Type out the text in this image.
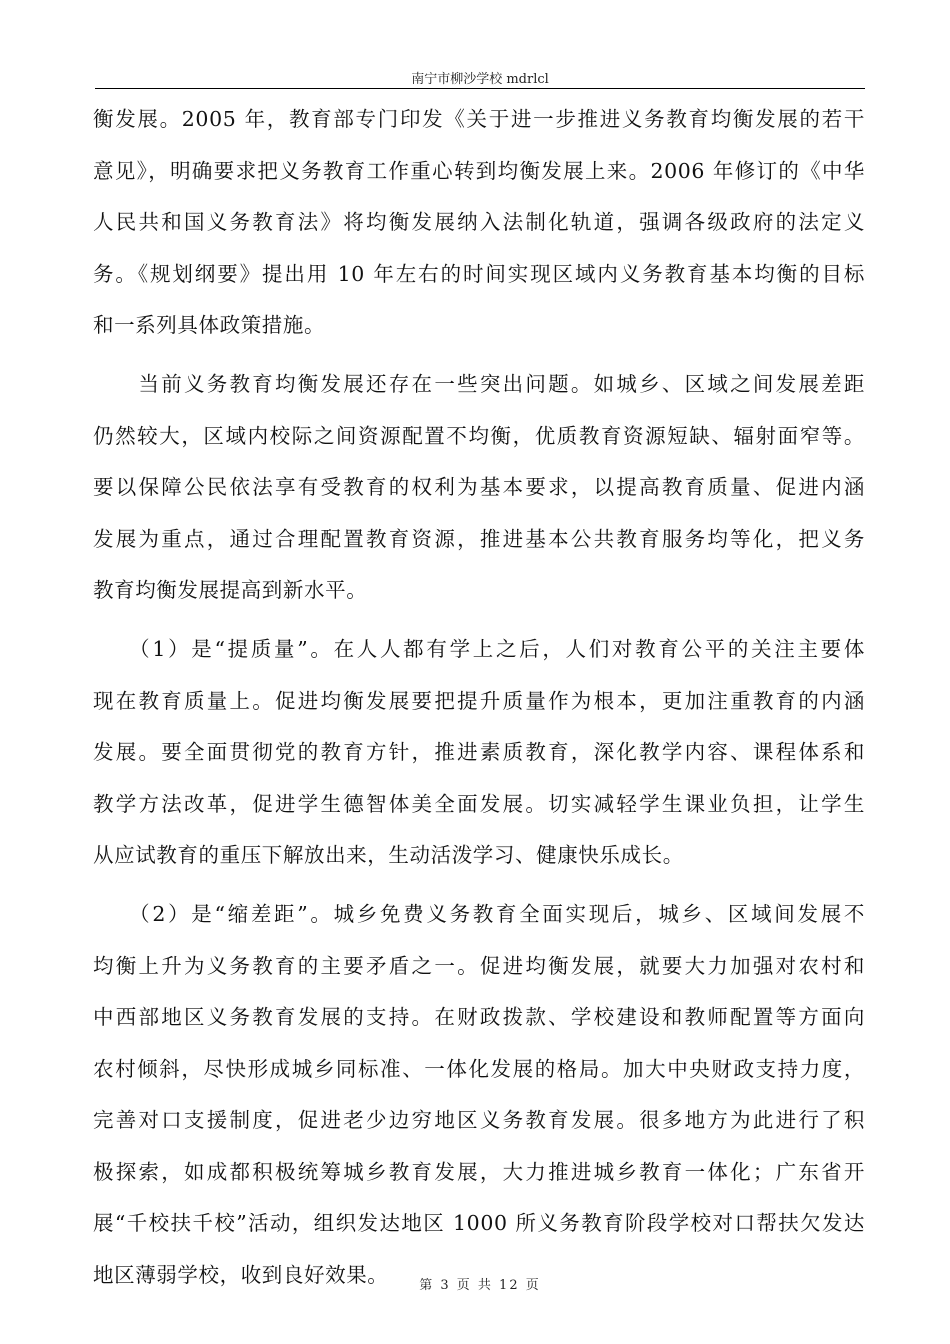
南宁市柳沙学校 mdrlcl
衡发展。2005 年，教育部专门印发《关于进一步推进义务教育均衡发展的若干
意见》，明确要求把义务教育工作重心转到均衡发展上来。2006 年修订的《中华
人民共和国义务教育法》将均衡发展纳入法制化轨道，强调各级政府的法定义
务。《规划纲要》提出用 10 年左右的时间实现区域内义务教育基本均衡的目标
和一系列具体政策措施。
　　当前义务教育均衡发展还存在一些突出问题。如城乡、区域之间发展差距
仍然较大，区域内校际之间资源配置不均衡，优质教育资源短缺、辐射面窄等。
要以保障公民依法享有受教育的权利为基本要求，以提高教育质量、促进内涵
发展为重点，通过合理配置教育资源，推进基本公共教育服务均等化，把义务
教育均衡发展提高到新水平。
　　（1）是“提质量”。在人人都有学上之后，人们对教育公平的关注主要体
现在教育质量上。促进均衡发展要把提升质量作为根本，更加注重教育的内涵
发展。要全面贯彻党的教育方针，推进素质教育，深化教学内容、课程体系和
教学方法改革，促进学生德智体美全面发展。切实减轻学生课业负担，让学生
从应试教育的重压下解放出来，生动活泼学习、健康快乐成长。
　　（2）是“缩差距”。城乡免费义务教育全面实现后，城乡、区域间发展不
均衡上升为义务教育的主要矛盾之一。促进均衡发展，就要大力加强对农村和
中西部地区义务教育发展的支持。在财政拨款、学校建设和教师配置等方面向
农村倾斜，尽快形成城乡同标准、一体化发展的格局。加大中央财政支持力度，
完善对口支援制度，促进老少边穷地区义务教育发展。很多地方为此进行了积
极探索，如成都积极统筹城乡教育发展，大力推进城乡教育一体化；广东省开
展“千校扶千校”活动，组织发达地区 1000 所义务教育阶段学校对口帮扶欠发达
地区薄弱学校，收到良好效果。	第 3 页 共 12 页
